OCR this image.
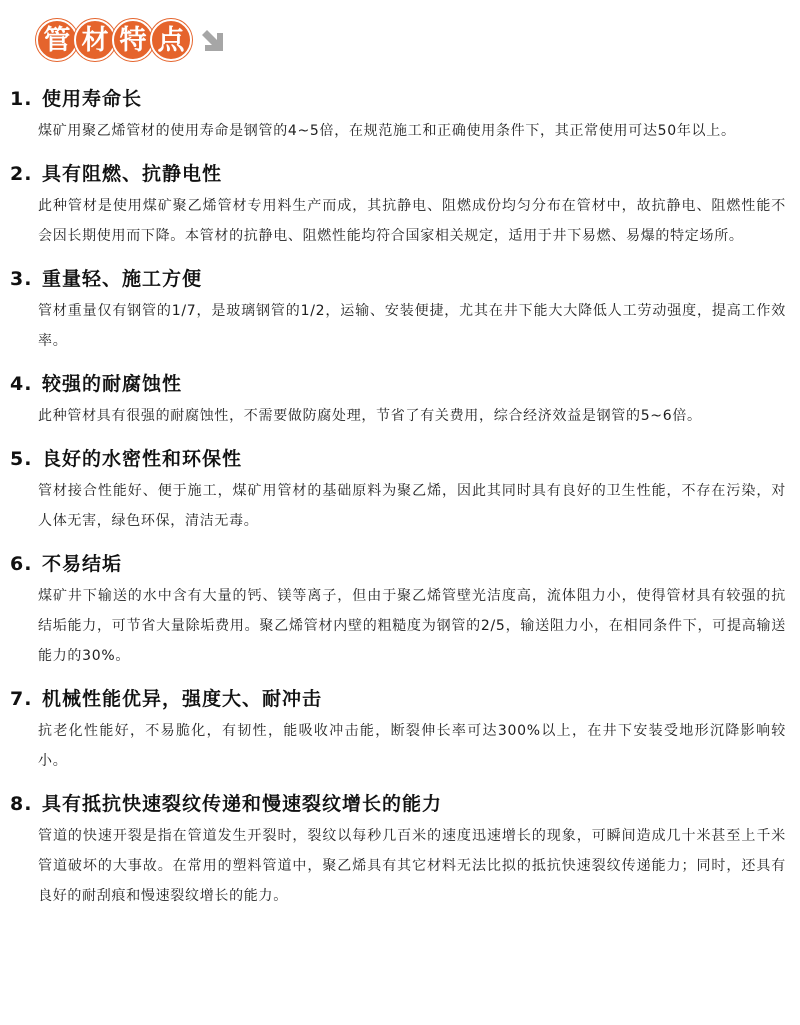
管 材 特 点
1. 使用寿命长

煤矿用聚乙烯管材的使用寿命是钢管的4~5倍，在规范施工和正确使用条件下，其正常使用可达50年以上。

2. 具有阻燃、抗静电性

此种管材是使用煤矿聚乙烯管材专用料生产而成，其抗静电、阻燃成份均匀分布在管材中，故抗静电、阻燃性能不会因长期使用而下降。本管材的抗静电、阻燃性能均符合国家相关规定，适用于井下易燃、易爆的特定场所。

3. 重量轻、施工方便

管材重量仅有钢管的1/7，是玻璃钢管的1/2，运输、安装便捷，尤其在井下能大大降低人工劳动强度，提高工作效率。

4. 较强的耐腐蚀性

此种管材具有很强的耐腐蚀性，不需要做防腐处理，节省了有关费用，综合经济效益是钢管的5~6倍。

5. 良好的水密性和环保性

管材接合性能好、便于施工，煤矿用管材的基础原料为聚乙烯，因此其同时具有良好的卫生性能，不存在污染，对人体无害，绿色环保，清洁无毒。

6. 不易结垢

煤矿井下输送的水中含有大量的钙、镁等离子，但由于聚乙烯管壁光洁度高，流体阻力小，使得管材具有较强的抗结垢能力，可节省大量除垢费用。聚乙烯管材内壁的粗糙度为钢管的2/5，输送阻力小，在相同条件下，可提高输送能力的30%。

7. 机械性能优异，强度大、耐冲击

抗老化性能好，不易脆化，有韧性，能吸收冲击能，断裂伸长率可达300%以上，在井下安装受地形沉降影响较小。

8. 具有抵抗快速裂纹传递和慢速裂纹增长的能力

管道的快速开裂是指在管道发生开裂时，裂纹以每秒几百米的速度迅速增长的现象，可瞬间造成几十米甚至上千米管道破坏的大事故。在常用的塑料管道中，聚乙烯具有其它材料无法比拟的抵抗快速裂纹传递能力；同时，还具有良好的耐刮痕和慢速裂纹增长的能力。
